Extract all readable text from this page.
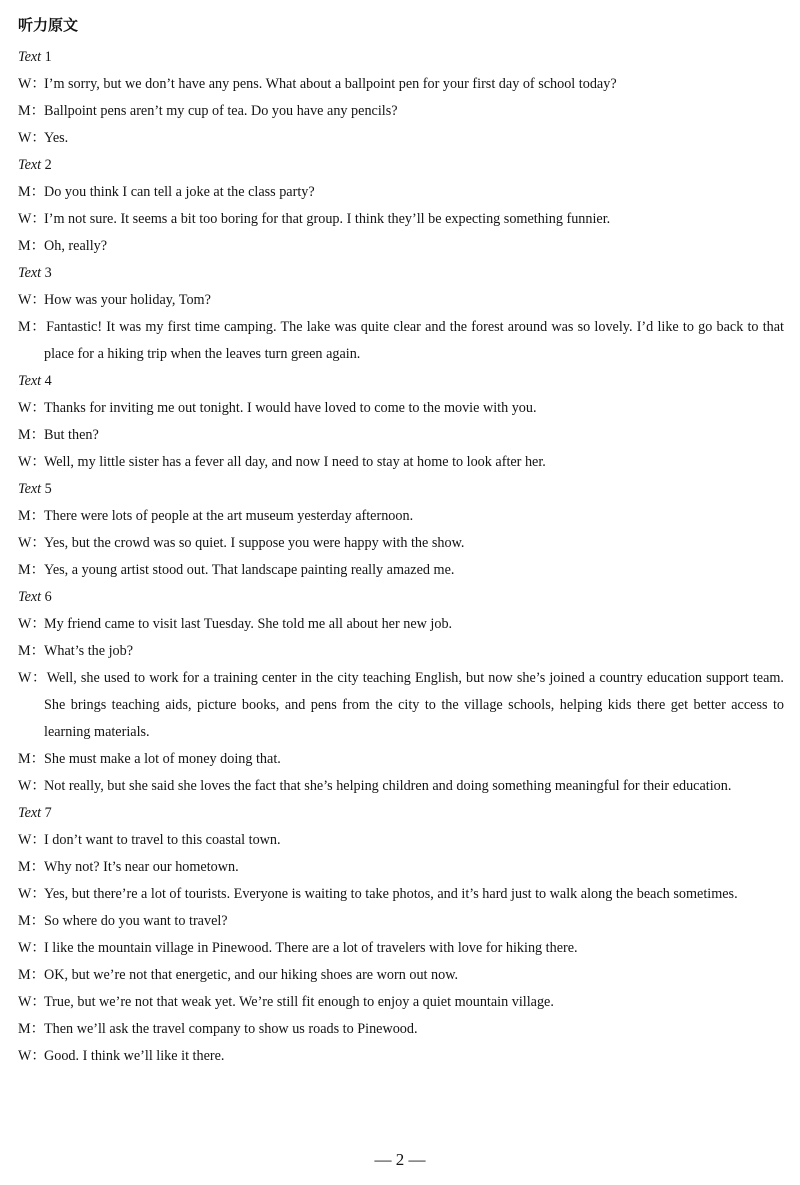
听力原文
Text 1
W：
I’m sorry, but we don’t have any pens. What about a ballpoint pen for your first day of school today?
M： Ballpoint pens aren’t my cup of tea. Do you have any pencils?
W：
Yes.
Text 2
M： Do you think I can tell a joke at the class party?
W：
I’m not sure. It seems a bit too boring for that group. I think they’ll be expecting something funnier.
M： Oh, really?
Text 3
W：
How was your holiday, Tom?
M：Fantastic! It was my first time camping. The lake was quite clear and the forest around was so lovely. I’d like to go back to that place for a hiking trip when the leaves turn green again.
Text 4
W：
Thanks for inviting me out tonight. I would have loved to come to the movie with you.
M： But then?
W：
Well, my little sister has a fever all day, and now I need to stay at home to look after her.
Text 5
M： There were lots of people at the art museum yesterday afternoon.
W：
Yes, but the crowd was so quiet. I suppose you were happy with the show.
M： Yes, a young artist stood out. That landscape painting really amazed me.
Text 6
W：
My friend came to visit last Tuesday. She told me all about her new job.
M： What’s the job?
W：Well, she used to work for a training center in the city teaching English, but now she’s joined a country education support team. She brings teaching aids, picture books, and pens from the city to the village schools, helping kids there get better access to learning materials.
M： She must make a lot of money doing that.
W：
Not really, but she said she loves the fact that she’s helping children and doing something meaningful for their education.
Text 7
W：
I don’t want to travel to this coastal town.
M： Why not? It’s near our hometown.
W：
Yes, but there’re a lot of tourists. Everyone is waiting to take photos, and it’s hard just to walk along the beach sometimes.
M： So where do you want to travel?
W：
I like the mountain village in Pinewood. There are a lot of travelers with love for hiking there.
M： OK, but we’re not that energetic, and our hiking shoes are worn out now.
W：
True, but we’re not that weak yet. We’re still fit enough to enjoy a quiet mountain village.
M： Then we’ll ask the travel company to show us roads to Pinewood.
W：
Good. I think we’ll like it there.
— 2 —
